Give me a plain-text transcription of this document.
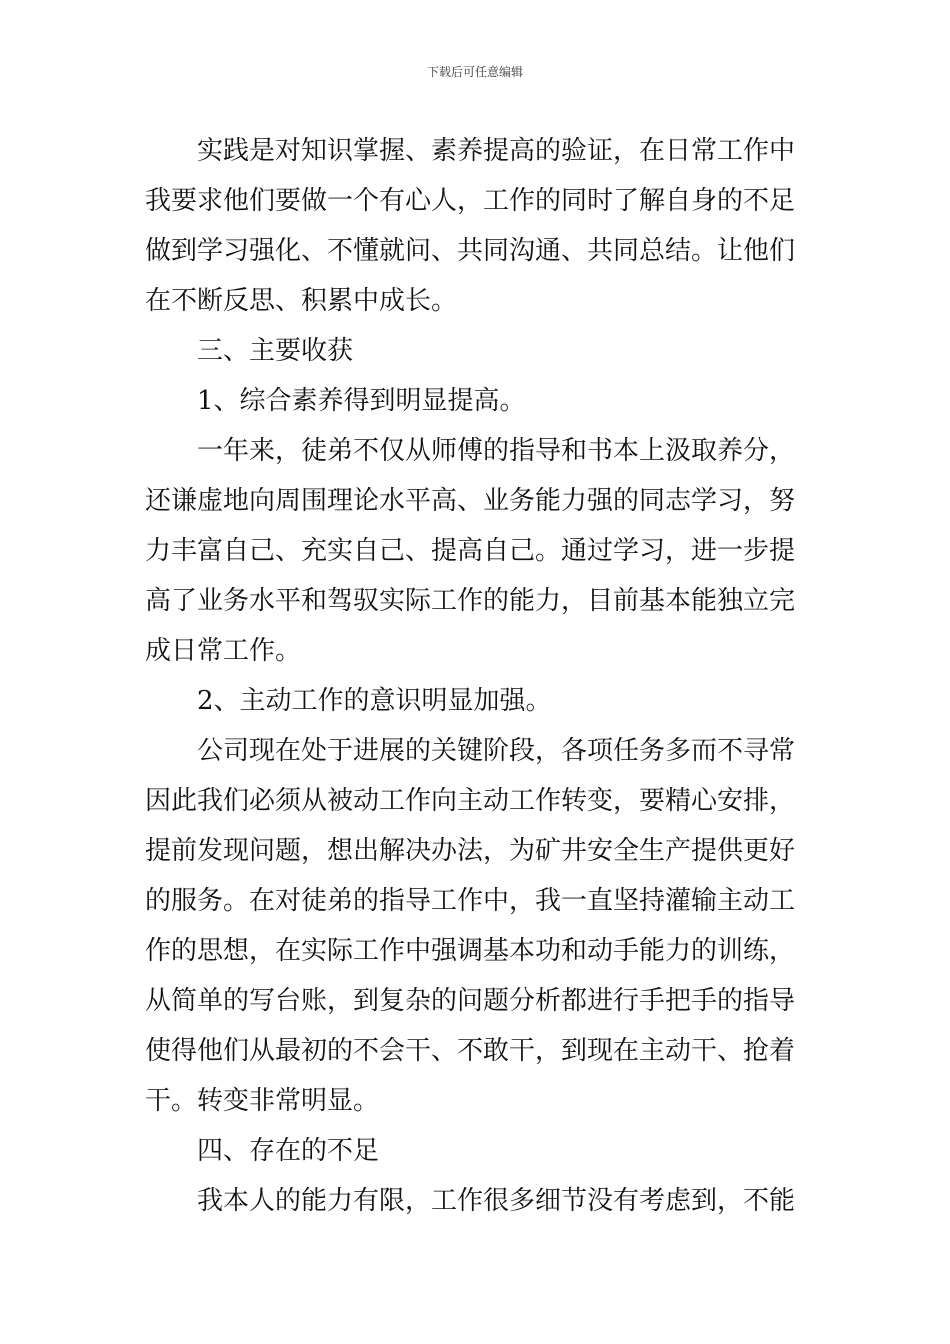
下载后可任意编辑
实践是对知识掌握、素养提高的验证，在日常工作中
我要求他们要做一个有心人，工作的同时了解自身的不足
做到学习强化、不懂就问、共同沟通、共同总结。让他们
在不断反思、积累中成长。
三、主要收获
1、综合素养得到明显提高。
一年来，徒弟不仅从师傅的指导和书本上汲取养分，
还谦虚地向周围理论水平高、业务能力强的同志学习，努
力丰富自己、充实自己、提高自己。通过学习，进一步提
高了业务水平和驾驭实际工作的能力，目前基本能独立完
成日常工作。
2、主动工作的意识明显加强。
公司现在处于进展的关键阶段，各项任务多而不寻常
因此我们必须从被动工作向主动工作转变，要精心安排，
提前发现问题，想出解决办法，为矿井安全生产提供更好
的服务。在对徒弟的指导工作中，我一直坚持灌输主动工
作的思想，在实际工作中强调基本功和动手能力的训练，
从简单的写台账，到复杂的问题分析都进行手把手的指导
使得他们从最初的不会干、不敢干，到现在主动干、抢着
干。转变非常明显。
四、存在的不足
我本人的能力有限，工作很多细节没有考虑到，不能
